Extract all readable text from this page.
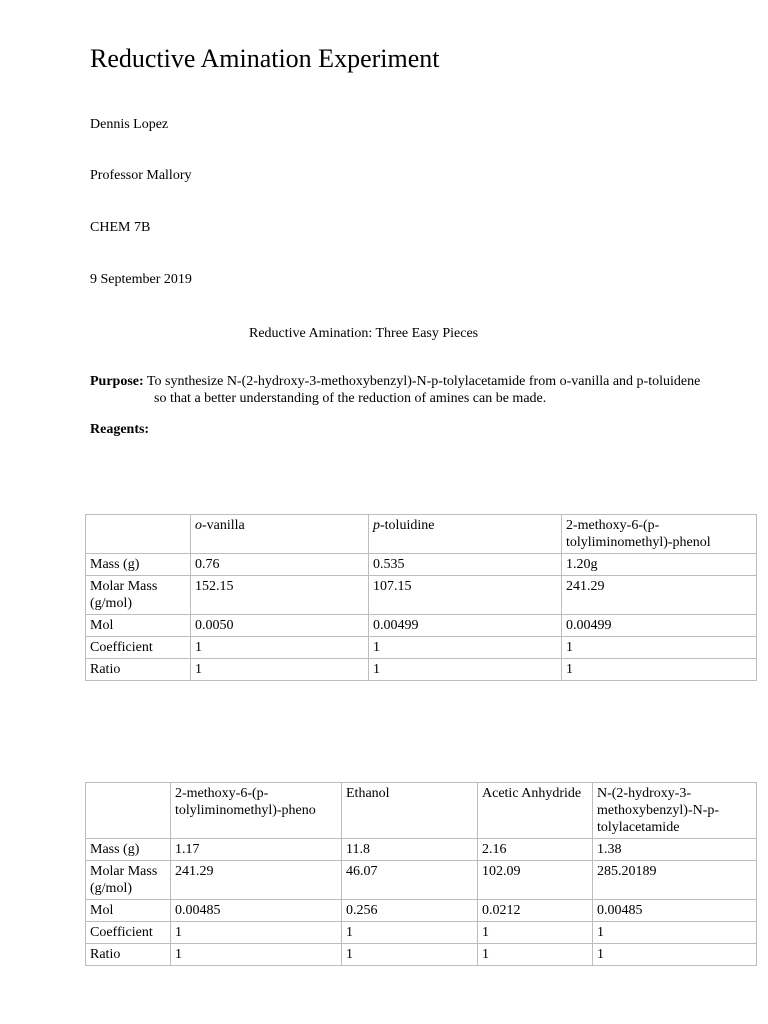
Reductive Amination Experiment
Dennis Lopez
Professor Mallory
CHEM 7B
9 September 2019
Reductive Amination: Three Easy Pieces
Purpose: To synthesize N-(2-hydroxy-3-methoxybenzyl)-N-p-tolylacetamide from o-vanilla and p-toluidene
so that a better understanding of the reduction of amines can be made.
Reagents:
	o-vanilla	p-toluidine	2-methoxy-6-(p-tolyliminomethyl)-phenol
Mass (g)	0.76	0.535	1.20g
Molar Mass (g/mol)	152.15	107.15	241.29
Mol	0.0050	0.00499	0.00499
Coefficient	1	1	1
Ratio	1	1	1
	2-methoxy-6-(p-tolyliminomethyl)-pheno	Ethanol	Acetic Anhydride	N-(2-hydroxy-3-methoxybenzyl)-N-p-tolylacetamide
Mass (g)	1.17	11.8	2.16	1.38
Molar Mass (g/mol)	241.29	46.07	102.09	285.20189
Mol	0.00485	0.256	0.0212	0.00485
Coefficient	1	1	1	1
Ratio	1	1	1	1
